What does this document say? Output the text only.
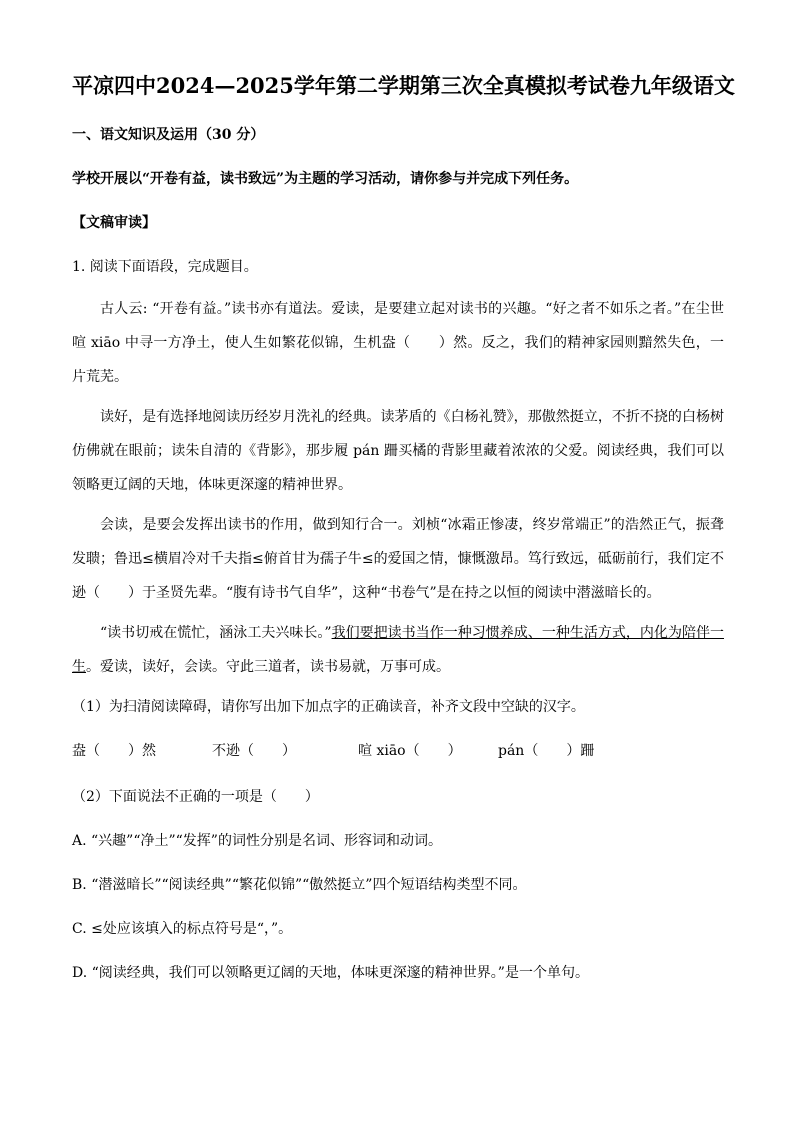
平凉四中2024—2025学年第二学期第三次全真模拟考试卷九年级语文
一、语文知识及运用（30 分）
学校开展以“开卷有益，读书致远”为主题的学习活动，请你参与并完成下列任务。
【文稿审读】
1. 阅读下面语段，完成题目。
古人云: “开卷有益。”读书亦有道法。爱读，是要建立起对读书的兴趣。“好之者不如乐之者。”在尘世喧 xiāo 中寻一方净土，使人生如繁花似锦，生机盎（　　）然。反之，我们的精神家园则黯然失色，一片荒芜。
读好，是有选择地阅读历经岁月洗礼的经典。读茅盾的《白杨礼赞》，那傲然挺立，不折不挠的白杨树仿佛就在眼前；读朱自清的《背影》，那步履 pán 跚买橘的背影里藏着浓浓的父爱。阅读经典，我们可以领略更辽阔的天地，体味更深邃的精神世界。
会读，是要会发挥出读书的作用，做到知行合一。刘桢“冰霜正惨凄，终岁常端正”的浩然正气，振聋发聩；鲁迅≤横眉冷对千夫指≤俯首甘为孺子牛≤的爱国之情，慷慨激昂。笃行致远，砥砺前行，我们定不逊（　　）于圣贤先辈。“腹有诗书气自华”，这种“书卷气”是在持之以恒的阅读中潜滋暗长的。
“读书切戒在慌忙，涵泳工夫兴味长。”我们要把读书当作一种习惯养成、一种生活方式，内化为陪伴一生。爱读，读好，会读。守此三道者，读书易就，万事可成。
（1）为扫清阅读障碍，请你写出加下加点字的正确读音，补齐文段中空缺的汉字。
盎（　　）然	不逊（　　）	喧 xiāo（　　）	pán（　　）跚
（2）下面说法不正确的一项是（　　）
A. “兴趣”“净土”“发挥”的词性分别是名词、形容词和动词。
B. “潜滋暗长”“阅读经典”“繁花似锦”“傲然挺立”四个短语结构类型不同。
C. ≤处应该填入的标点符号是“，”。
D. “阅读经典，我们可以领略更辽阔的天地，体味更深邃的精神世界。”是一个单句。
